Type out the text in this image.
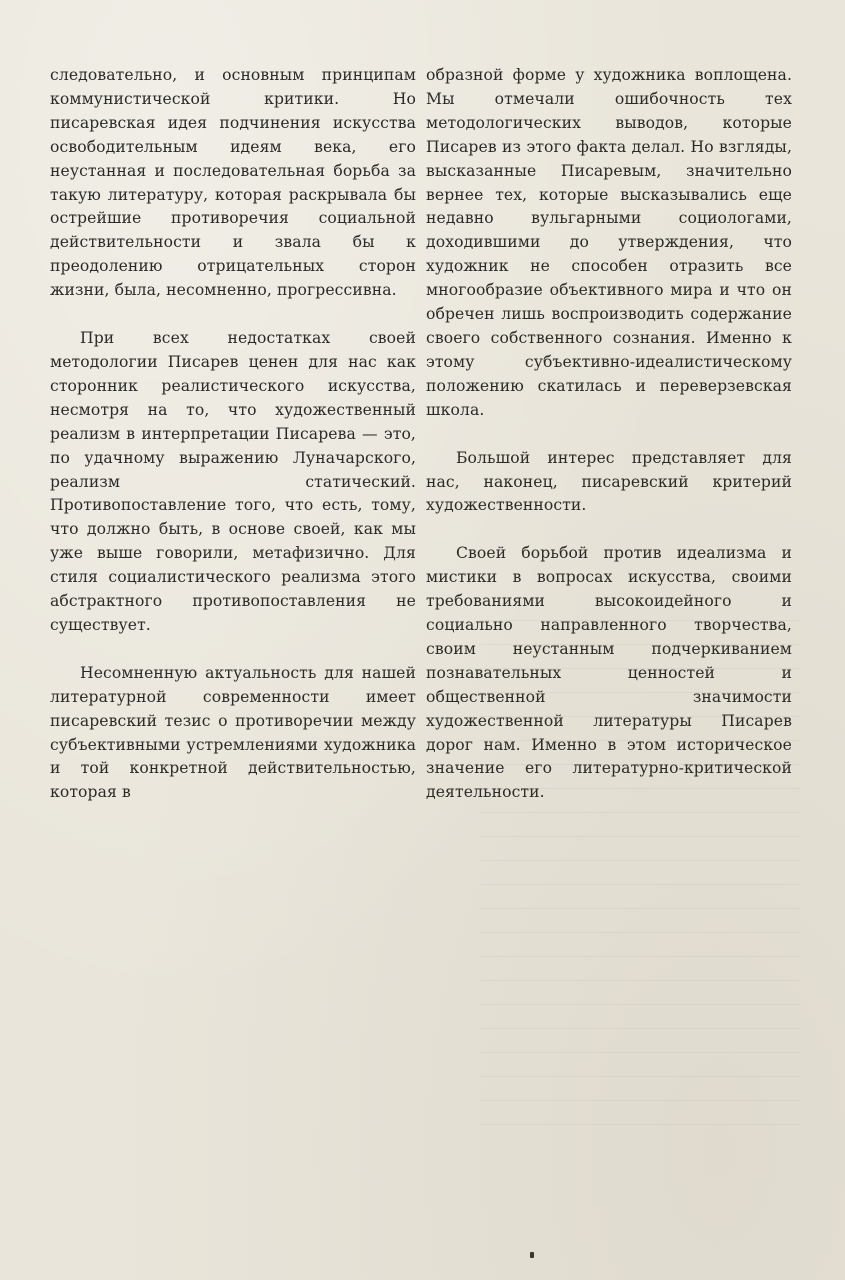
следовательно, и основным принципам коммунистической критики. Но писаревская идея подчинения искусства освободительным идеям века, его неустанная и последовательная борьба за такую литературу, которая раскрывала бы острейшие противоречия социальной действительности и звала бы к преодолению отрицательных сторон жизни, была, несомненно, прогрессивна.

При всех недостатках своей методологии Писарев ценен для нас как сторонник реалистического искусства, несмотря на то, что художественный реализм в интерпретации Писарева — это, по удачному выражению Луначарского, реализм статический. Противопоставление того, что есть, тому, что должно быть, в основе своей, как мы уже выше говорили, метафизично. Для стиля социалистического реализма этого абстрактного противопоставления не существует.

Несомненную актуальность для нашей литературной современности имеет писаревский тезис о противоречии между субъективными устремлениями художника и той конкретной действительностью, которая в

образной форме у художника воплощена. Мы отмечали ошибочность тех методологических выводов, которые Писарев из этого факта делал. Но взгляды, высказанные Писаревым, значительно вернее тех, которые высказывались еще недавно вульгарными социологами, доходившими до утверждения, что художник не способен отразить все многообразие объективного мира и что он обречен лишь воспроизводить содержание своего собственного сознания. Именно к этому субъективно-идеалистическому положению скатилась и переверзевская школа.

Большой интерес представляет для нас, наконец, писаревский критерий художественности.

Своей борьбой против идеализма и мистики в вопросах искусства, своими требованиями высокоидейного и социально направленного творчества, своим неустанным подчеркиванием познавательных ценностей и общественной значимости художественной литературы Писарев дорог нам. Именно в этом историческое значение его литературно-критической деятельности.
